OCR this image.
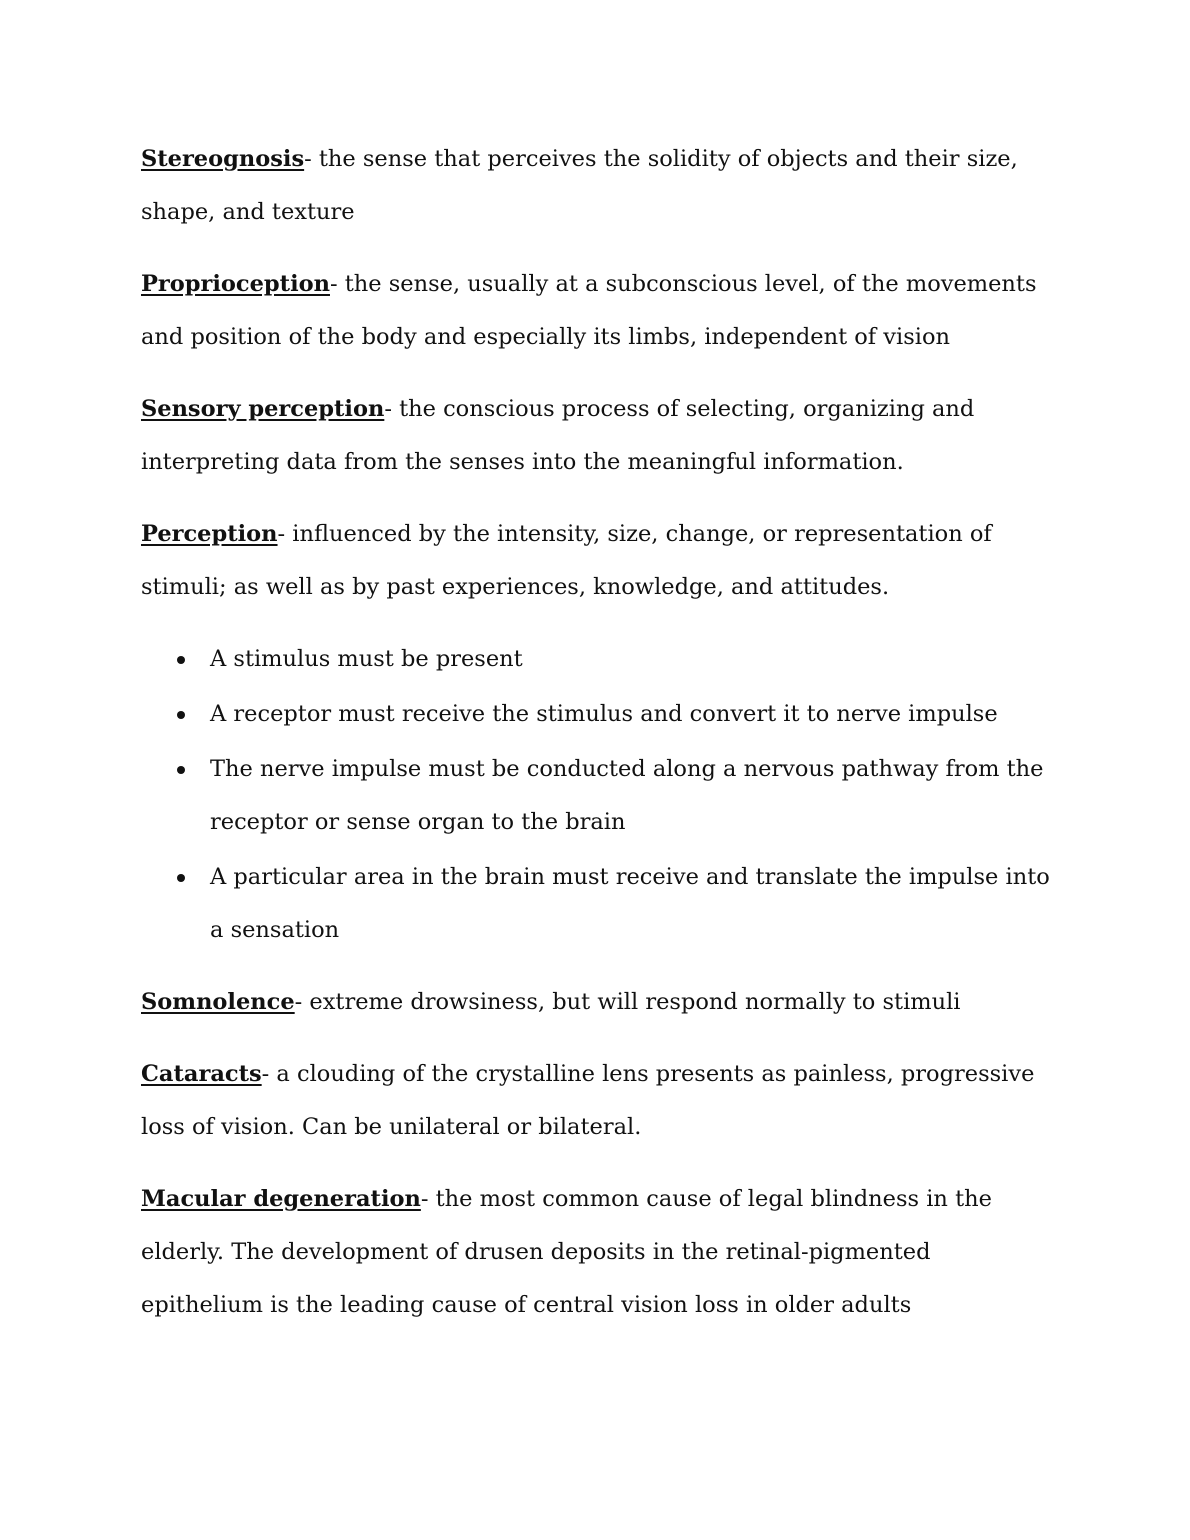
Stereognosis- the sense that perceives the solidity of objects and their size, shape, and texture

Proprioception- the sense, usually at a subconscious level, of the movements and position of the body and especially its limbs, independent of vision

Sensory perception- the conscious process of selecting, organizing and interpreting data from the senses into the meaningful information.

Perception- influenced by the intensity, size, change, or representation of stimuli; as well as by past experiences, knowledge, and attitudes.

A stimulus must be present
A receptor must receive the stimulus and convert it to nerve impulse
The nerve impulse must be conducted along a nervous pathway from the receptor or sense organ to the brain
A particular area in the brain must receive and translate the impulse into a sensation

Somnolence- extreme drowsiness, but will respond normally to stimuli

Cataracts- a clouding of the crystalline lens presents as painless, progressive loss of vision. Can be unilateral or bilateral.

Macular degeneration- the most common cause of legal blindness in the elderly. The development of drusen deposits in the retinal-pigmented epithelium is the leading cause of central vision loss in older adults
